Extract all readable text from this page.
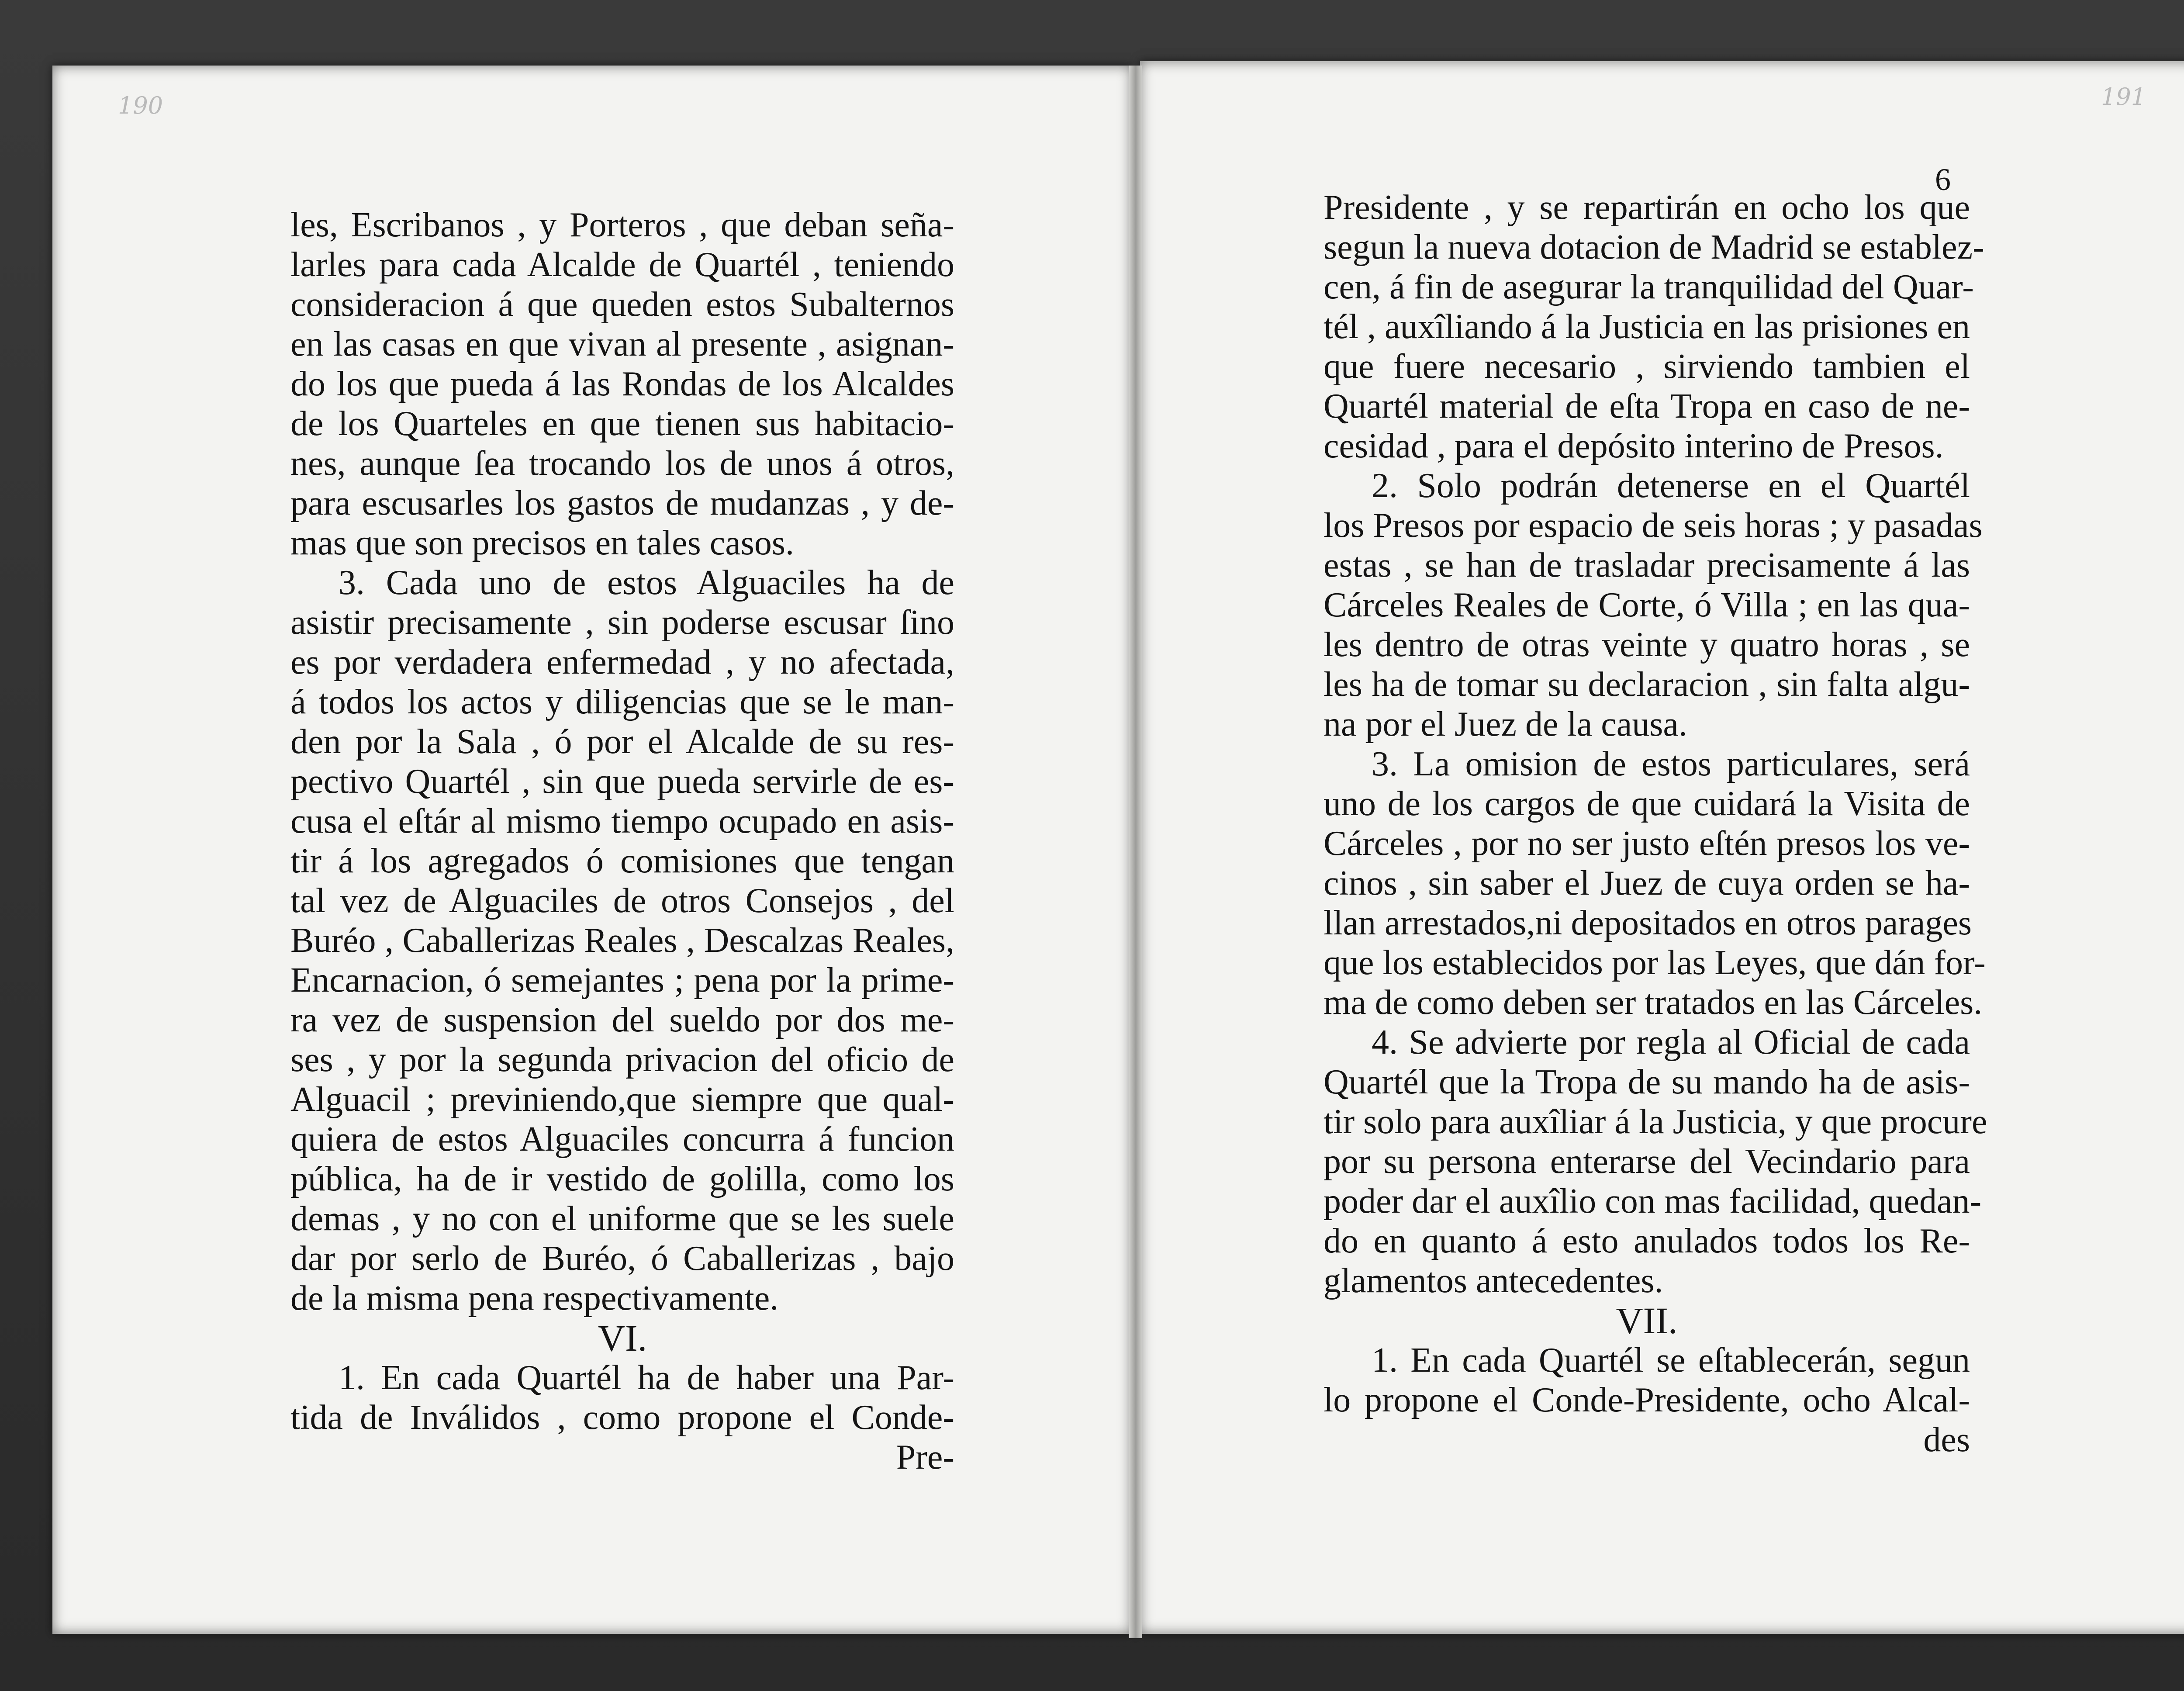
190	191
6
les, Escribanos , y Porteros , que deban seña-
larles para cada Alcalde de Quartél , teniendo
consideracion á que queden estos Subalternos
en las casas en que vivan al presente , asignan-
do los que pueda á las Rondas de los Alcaldes
de los Quarteles en que tienen sus habitacio-
nes, aunque ſea trocando los de unos á otros,
para escusarles los gastos de mudanzas , y de-
mas que son precisos en tales casos.
3. Cada uno de estos Alguaciles ha de
asistir precisamente , sin poderse escusar ſino
es por verdadera enfermedad , y no afectada,
á todos los actos y diligencias que se le man-
den por la Sala , ó por el Alcalde de su res-
pectivo Quartél , sin que pueda servirle de es-
cusa el eſtár al mismo tiempo ocupado en asis-
tir á los agregados ó comisiones que tengan
tal vez de Alguaciles de otros Consejos , del
Buréo , Caballerizas Reales , Descalzas Reales,
Encarnacion, ó semejantes ; pena por la prime-
ra vez de suspension del sueldo por dos me-
ses , y por la segunda privacion del oficio de
Alguacil ; previniendo,que siempre que qual-
quiera de estos Alguaciles concurra á funcion
pública, ha de ir vestido de golilla, como los
demas , y no con el uniforme que se les suele
dar por serlo de Buréo, ó Caballerizas , bajo
de la misma pena respectivamente.
VI.
1. En cada Quartél ha de haber una Par-
tida de Inválidos , como propone el Conde-
Pre-
Presidente , y se repartirán en ocho los que
segun la nueva dotacion de Madrid se establez-
cen, á fin de asegurar la tranquilidad del Quar-
tél , auxîliando á la Justicia en las prisiones en
que fuere necesario , sirviendo tambien el
Quartél material de eſta Tropa en caso de ne-
cesidad , para el depósito interino de Presos.
2. Solo podrán detenerse en el Quartél
los Presos por espacio de seis horas ; y pasadas
estas , se han de trasladar precisamente á las
Cárceles Reales de Corte, ó Villa ; en las qua-
les dentro de otras veinte y quatro horas , se
les ha de tomar su declaracion , sin falta algu-
na por el Juez de la causa.
3. La omision de estos particulares, será
uno de los cargos de que cuidará la Visita de
Cárceles , por no ser justo eſtén presos los ve-
cinos , sin saber el Juez de cuya orden se ha-
llan arrestados,ni depositados en otros parages
que los establecidos por las Leyes, que dán for-
ma de como deben ser tratados en las Cárceles.
4. Se advierte por regla al Oficial de cada
Quartél que la Tropa de su mando ha de asis-
tir solo para auxîliar á la Justicia, y que procure
por su persona enterarse del Vecindario para
poder dar el auxîlio con mas facilidad, quedan-
do en quanto á esto anulados todos los Re-
glamentos antecedentes.
VII.
1. En cada Quartél se eſtablecerán, segun
lo propone el Conde-Presidente, ocho Alcal-
des
